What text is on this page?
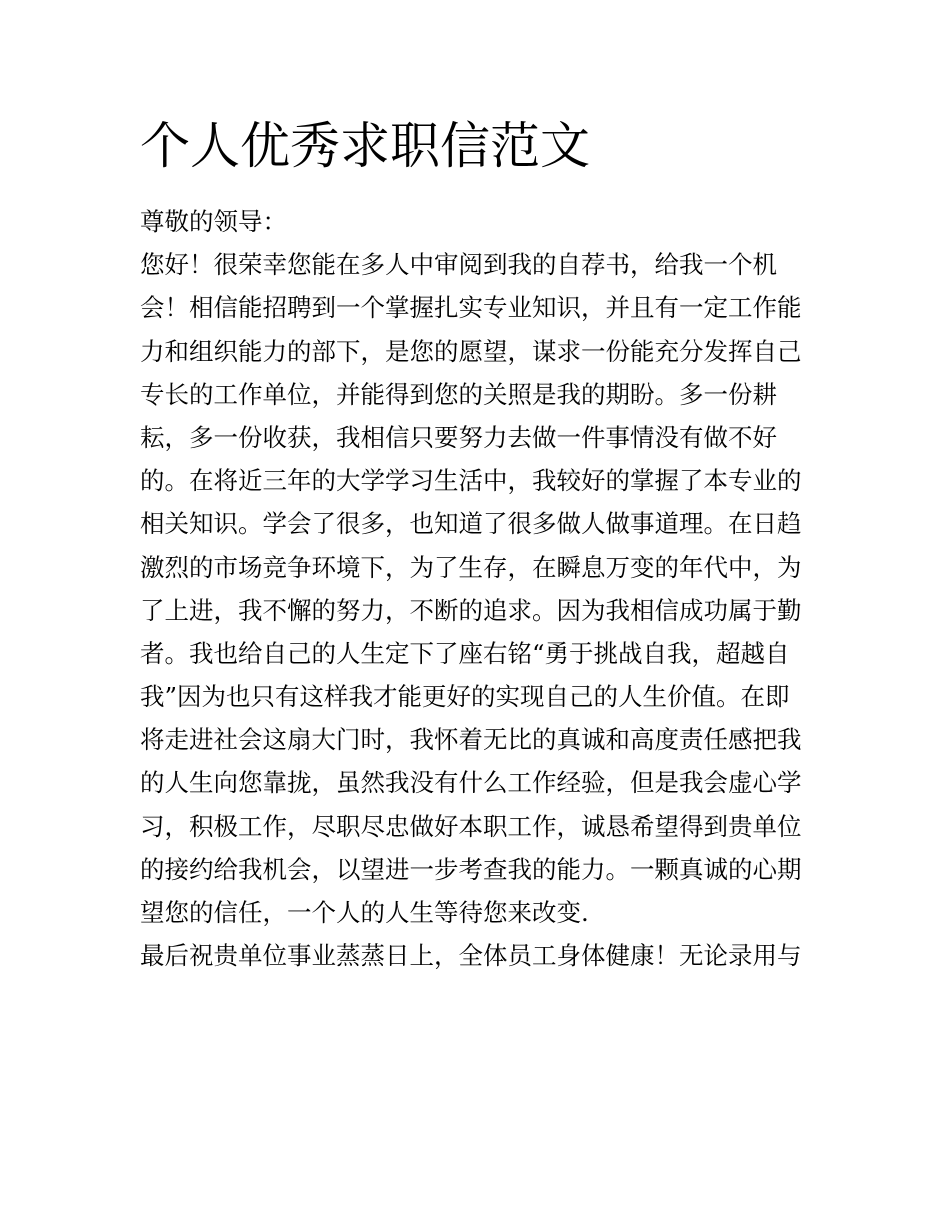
个人优秀求职信范文
尊敬的领导：
您好！很荣幸您能在多人中审阅到我的自荐书，给我一个机
会！相信能招聘到一个掌握扎实专业知识，并且有一定工作能
力和组织能力的部下，是您的愿望，谋求一份能充分发挥自己
专长的工作单位，并能得到您的关照是我的期盼。多一份耕
耘，多一份收获，我相信只要努力去做一件事情没有做不好
的。在将近三年的大学学习生活中，我较好的掌握了本专业的
相关知识。学会了很多，也知道了很多做人做事道理。在日趋
激烈的市场竞争环境下，为了生存，在瞬息万变的年代中，为
了上进，我不懈的努力，不断的追求。因为我相信成功属于勤
者。我也给自己的人生定下了座右铭“勇于挑战自我，超越自
我”因为也只有这样我才能更好的实现自己的人生价值。在即
将走进社会这扇大门时，我怀着无比的真诚和高度责任感把我
的人生向您靠拢，虽然我没有什么工作经验，但是我会虚心学
习，积极工作，尽职尽忠做好本职工作，诚恳希望得到贵单位
的接约给我机会，以望进一步考查我的能力。一颗真诚的心期
望您的信任，一个人的人生等待您来改变.
最后祝贵单位事业蒸蒸日上，全体员工身体健康！无论录用与
